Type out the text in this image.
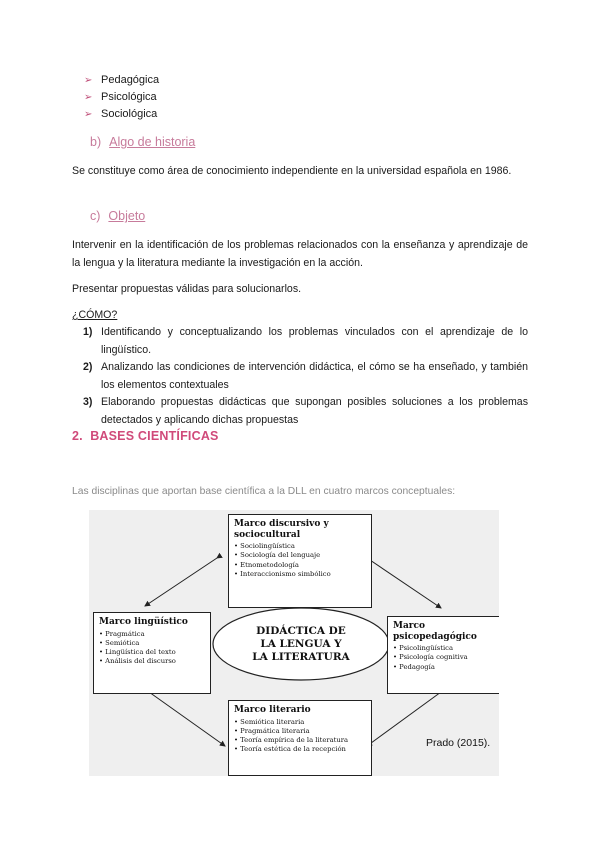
➢ Pedagógica
➢ Psicológica
➢ Sociológica
b) Algo de historia
Se constituye como área de conocimiento independiente en la universidad española en 1986.
c) Objeto
Intervenir en la identificación de los problemas relacionados con la enseñanza y aprendizaje de la lengua y la literatura mediante la investigación en la acción.
Presentar propuestas válidas para solucionarlos.
¿CÓMO?
1) Identificando y conceptualizando los problemas vinculados con el aprendizaje de lo lingüístico.
2) Analizando las condiciones de intervención didáctica, el cómo se ha enseñado, y también los elementos contextuales
3) Elaborando propuestas didácticas que supongan posibles soluciones a los problemas detectados y aplicando dichas propuestas
2. BASES CIENTÍFICAS
Las disciplinas que aportan base científica a la DLL en cuatro marcos conceptuales:
DIDÁCTICA DE
LA LENGUA Y
LA LITERATURA
Marco discursivo y sociocultural
• Sociolingüística
• Sociología del lenguaje
• Etnometodología
• Interaccionismo simbólico
Marco lingüístico
• Pragmática
• Semiótica
• Lingüística del texto
• Análisis del discurso
Marco psicopedagógico
• Psicolingüística
• Psicología cognitiva
• Pedagogía
Marco literario
• Semiótica literaria
• Pragmática literaria
• Teoría empírica de la literatura
• Teoría estética de la recepción
Prado (2015).
